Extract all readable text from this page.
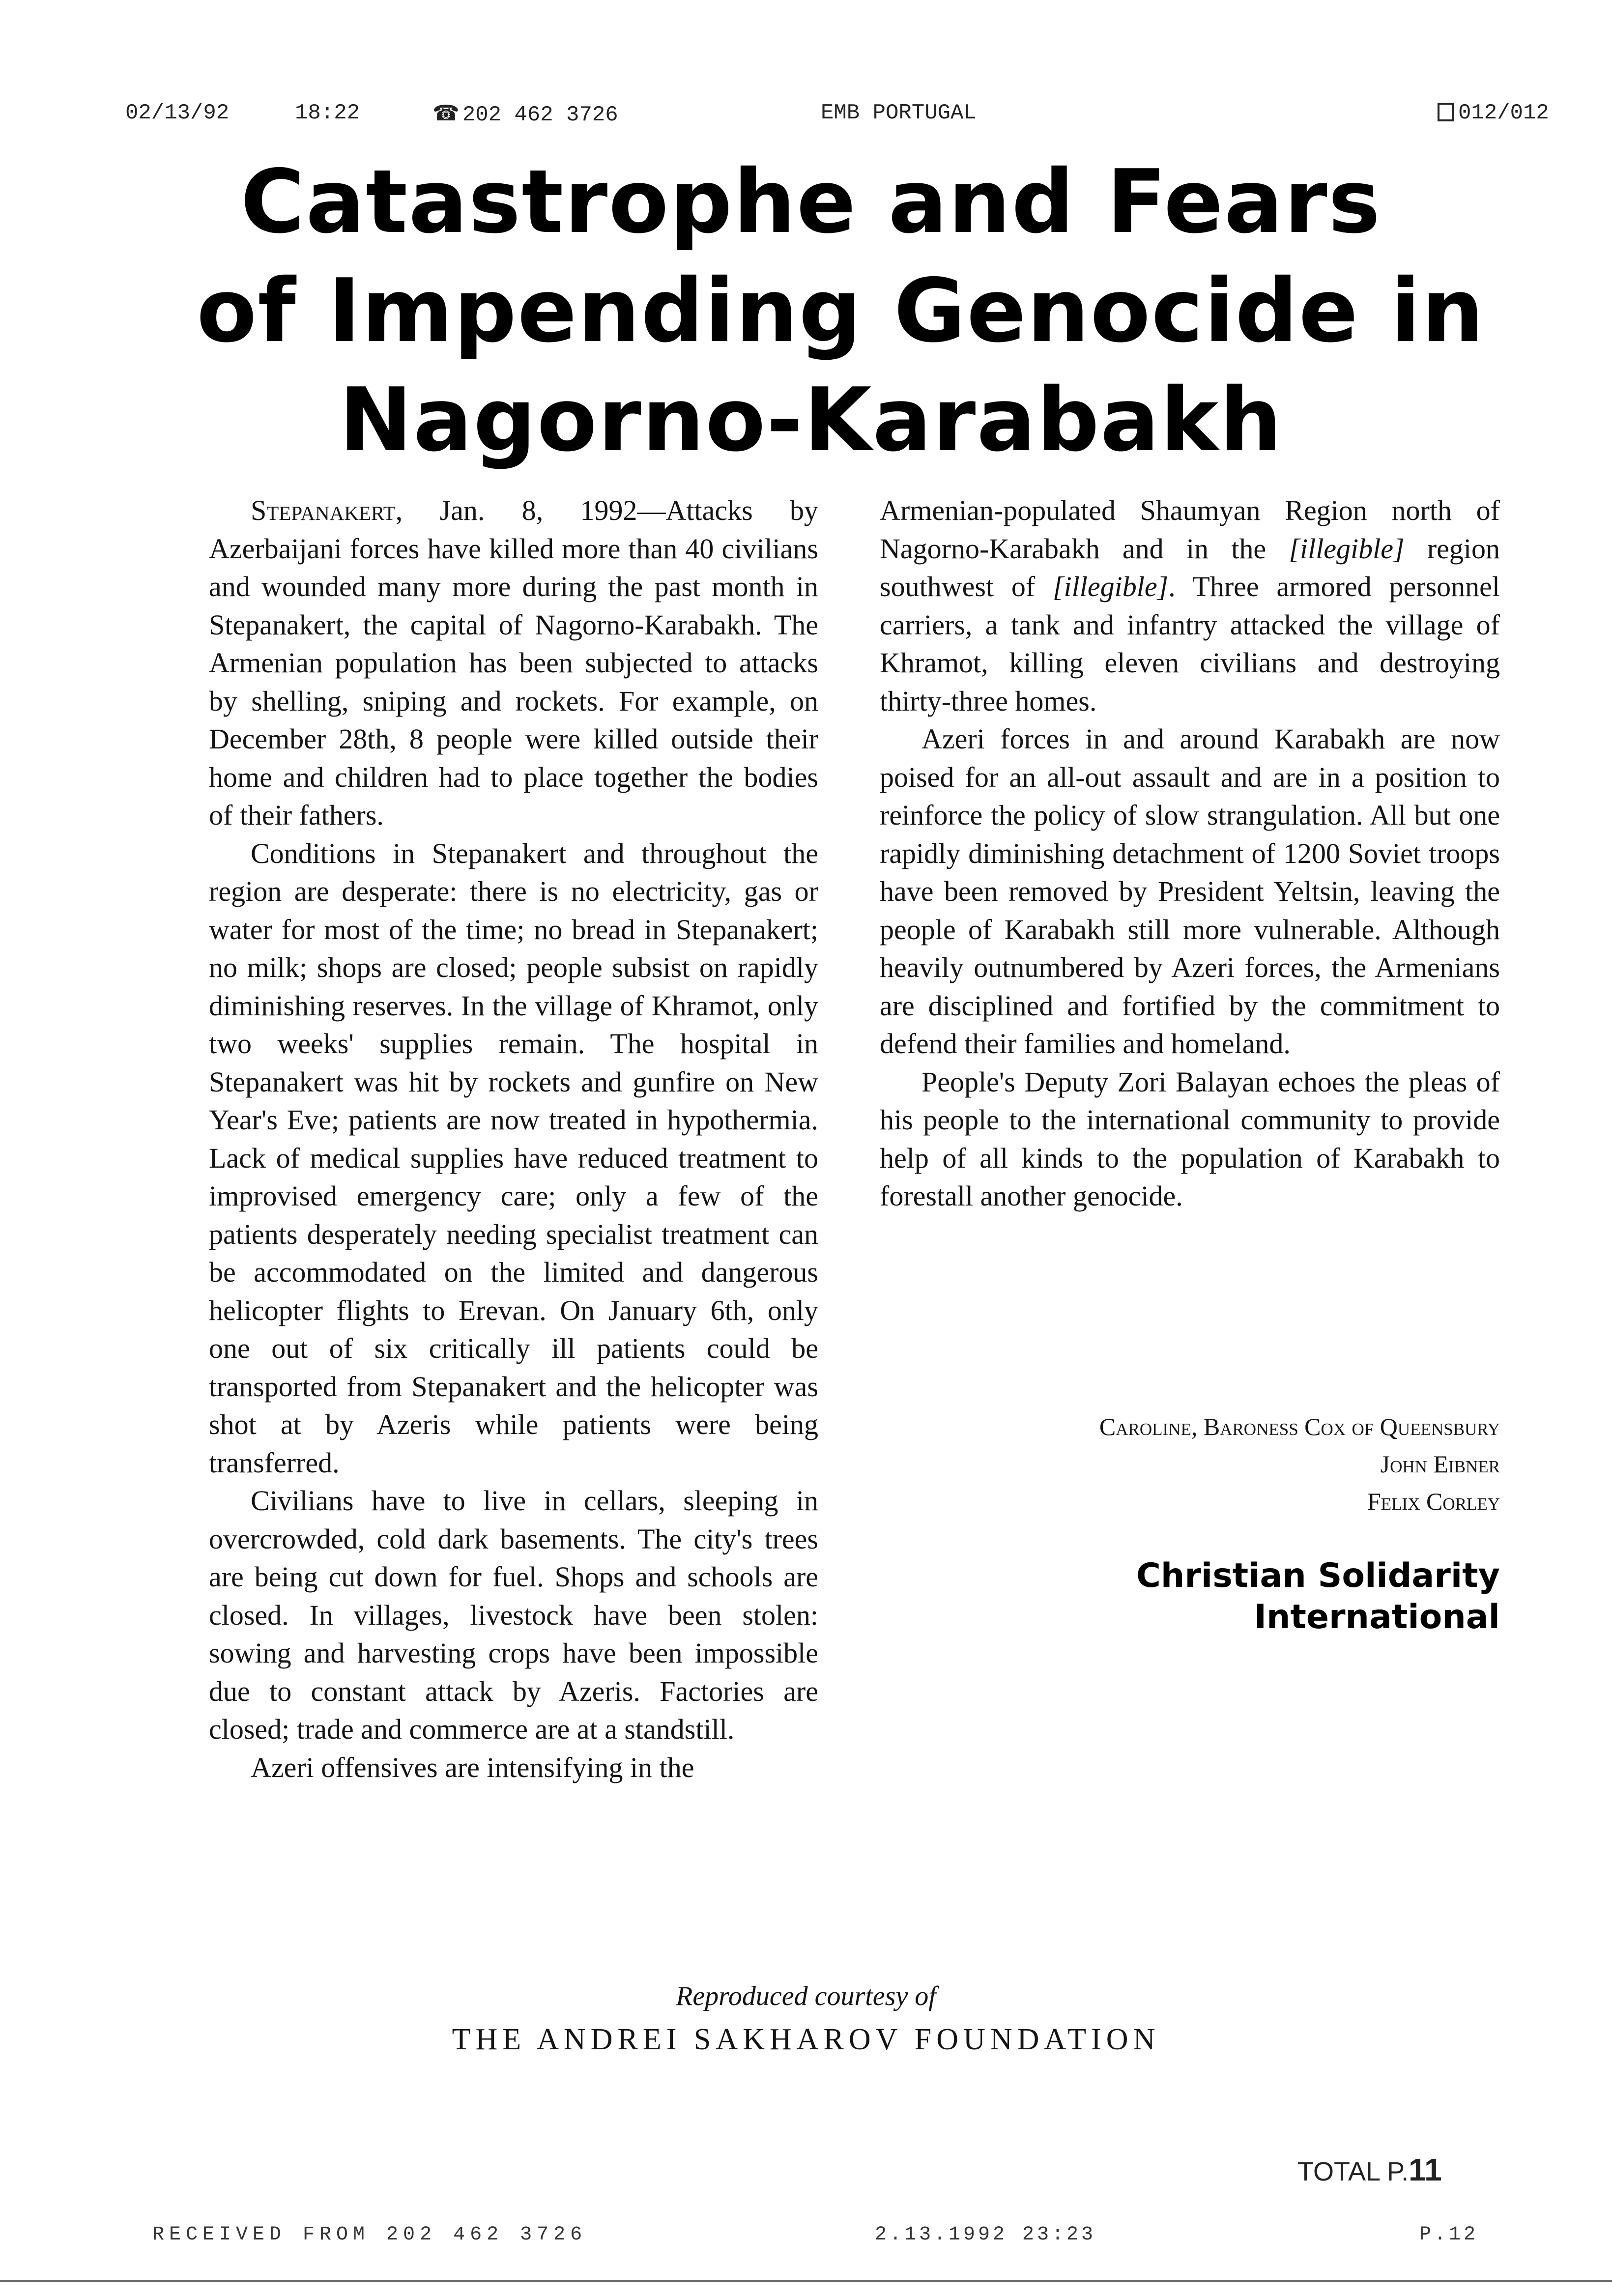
02/13/92	18:22	☎ 202 462 3726	EMB PORTUGAL	012/012
Catastrophe and Fears
of Impending Genocide in
Nagorno-Karabakh

Stepanakert, Jan. 8, 1992—Attacks by Azerbaijani forces have killed more than 40 civilians and wounded many more during the past month in Stepanakert, the capital of Nagorno-Karabakh. The Armenian population has been subjected to attacks by shelling, sniping and rockets. For example, on December 28th, 8 people were killed outside their home and children had to place together the bodies of their fathers.

Conditions in Stepanakert and throughout the region are desperate: there is no electricity, gas or water for most of the time; no bread in Stepanakert; no milk; shops are closed; people subsist on rapidly diminishing reserves. In the village of Khramot, only two weeks' supplies remain. The hospital in Stepanakert was hit by rockets and gunfire on New Year's Eve; patients are now treated in hypothermia. Lack of medical supplies have reduced treatment to improvised emergency care; only a few of the patients desperately needing specialist treatment can be accommodated on the limited and dangerous helicopter flights to Erevan. On January 6th, only one out of six critically ill patients could be transported from Stepanakert and the helicopter was shot at by Azeris while patients were being transferred.

Civilians have to live in cellars, sleeping in overcrowded, cold dark basements. The city's trees are being cut down for fuel. Shops and schools are closed. In villages, livestock have been stolen: sowing and harvesting crops have been impossible due to constant attack by Azeris. Factories are closed; trade and commerce are at a standstill.

Azeri offensives are intensifying in the

Armenian-populated Shaumyan Region north of Nagorno-Karabakh and in the [illegible] region southwest of [illegible]. Three armored personnel carriers, a tank and infantry attacked the village of Khramot, killing eleven civilians and destroying thirty-three homes.

Azeri forces in and around Karabakh are now poised for an all-out assault and are in a position to reinforce the policy of slow strangulation. All but one rapidly diminishing detachment of 1200 Soviet troops have been removed by President Yeltsin, leaving the people of Karabakh still more vulnerable. Although heavily outnumbered by Azeri forces, the Armenians are disciplined and fortified by the commitment to defend their families and homeland.

People's Deputy Zori Balayan echoes the pleas of his people to the international community to provide help of all kinds to the population of Karabakh to forestall another genocide.

Caroline, Baroness Cox of Queensbury
John Eibner
Felix Corley
Christian Solidarity
International
Reproduced courtesy of
THE ANDREI SAKHAROV FOUNDATION
TOTAL P.11
RECEIVED FROM 202 462 3726	2.13.1992 23:23	P.12
